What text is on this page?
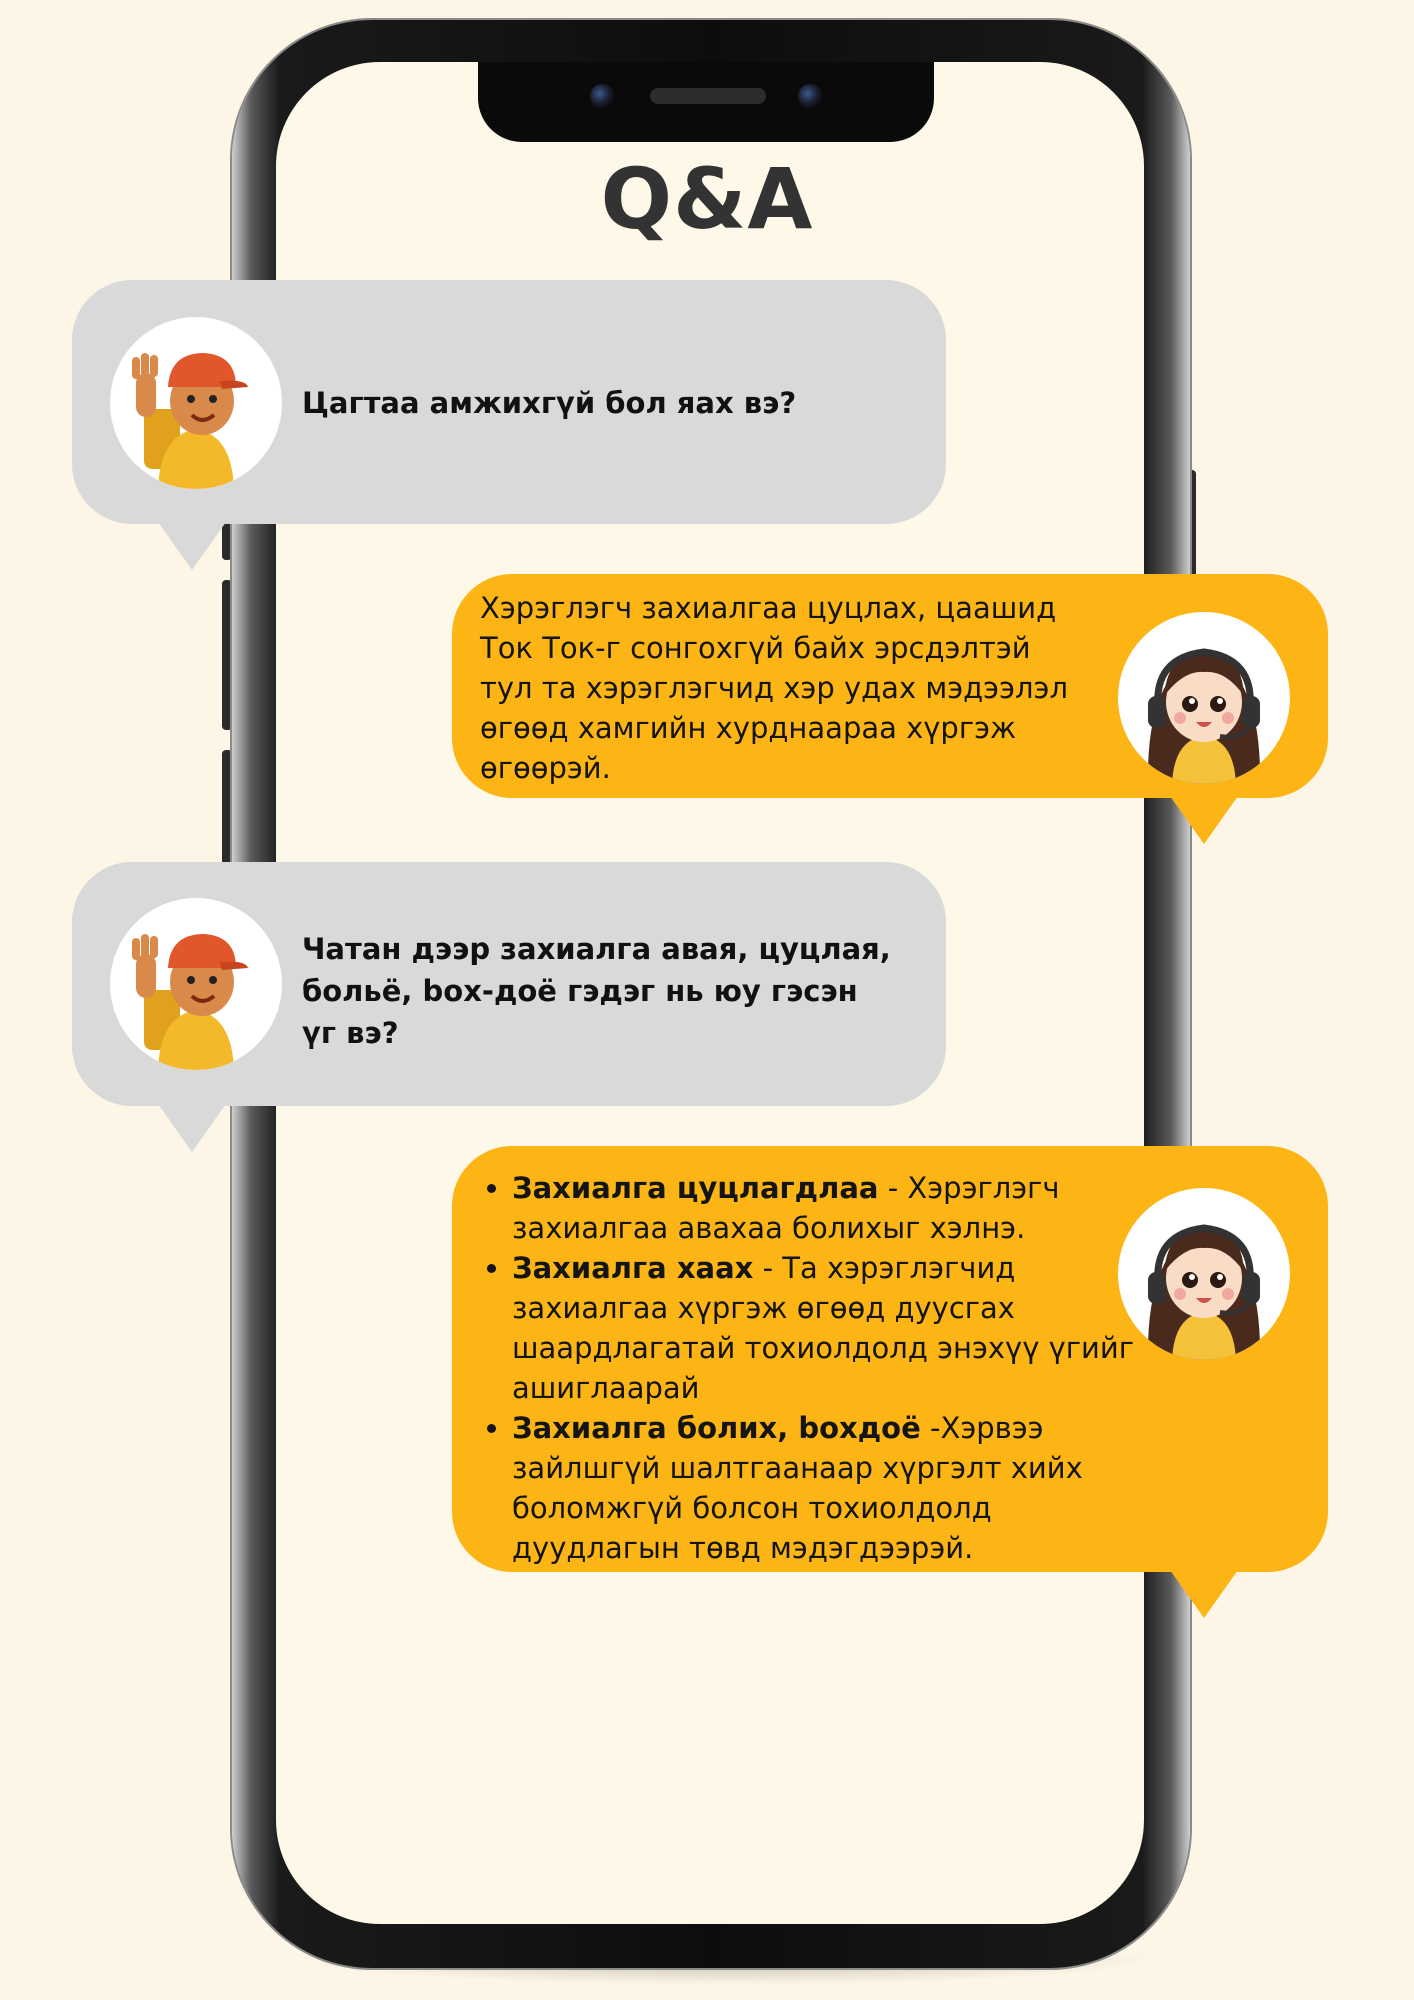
Q&A
Цагтаа амжихгүй бол яах вэ?
Хэрэглэгч захиалгаа цуцлах, цаашид Ток Ток-г сонгохгүй байх эрсдэлтэй тул та хэрэглэгчид хэр удах мэдээлэл өгөөд хамгийн хурднаараа хүргэж өгөөрэй.
Чатан дээр захиалга авая, цуцлая, больё, box-доё гэдэг нь юу гэсэн үг вэ?
• Захиалга цуцлагдлаа - Хэрэглэгч захиалгаа авахаа болихыг хэлнэ.
• Захиалга хаах - Та хэрэглэгчид захиалгаа хүргэж өгөөд дуусгах шаардлагатай тохиолдолд энэхүү үгийг ашиглаарай
• Захиалга болих, boxдоё -Хэрвээ зайлшгүй шалтгаанаар хүргэлт хийх боломжгүй болсон тохиолдолд дуудлагын төвд мэдэгдээрэй.
